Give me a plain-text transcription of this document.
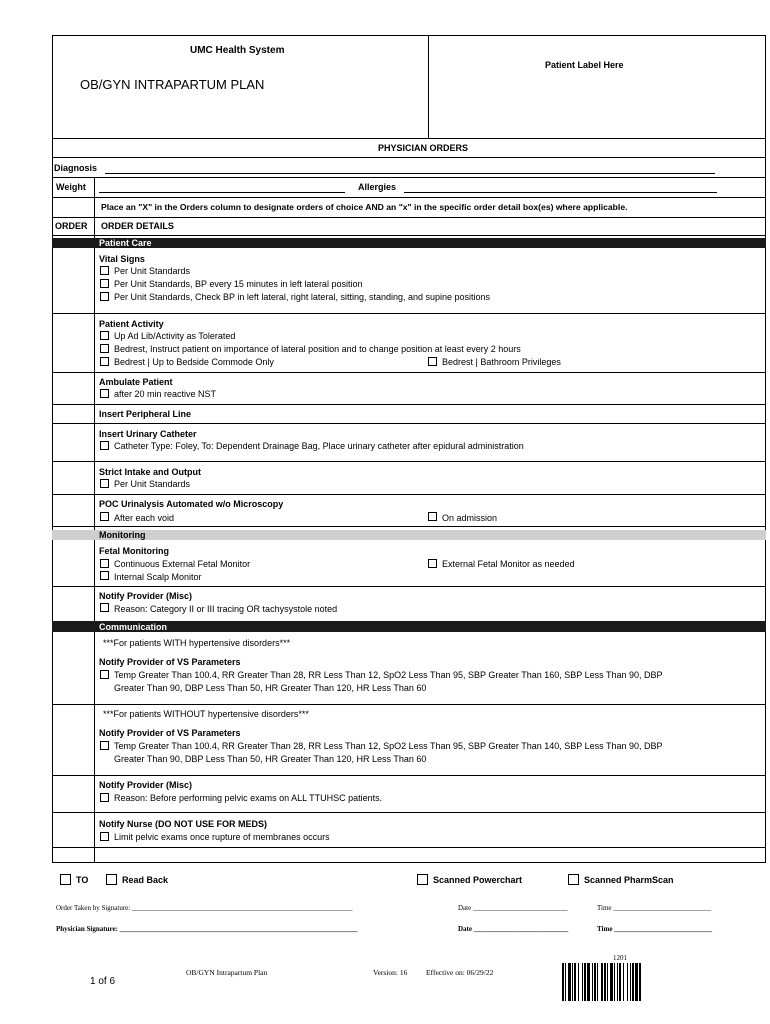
UMC Health System
OB/GYN INTRAPARTUM PLAN
Patient Label Here
PHYSICIAN ORDERS
Diagnosis
Weight	Allergies
Place an "X" in the Orders column to designate orders of choice AND an "x" in the specific order detail box(es) where applicable.
ORDER ORDER DETAILS
Patient Care
Vital Signs
Per Unit Standards
Per Unit Standards, BP every 15 minutes in left lateral position
Per Unit Standards, Check BP in left lateral, right lateral, sitting, standing, and supine positions
Patient Activity
Up Ad Lib/Activity as Tolerated
Bedrest, Instruct patient on importance of lateral position and to change position at least every 2 hours
Bedrest | Up to Bedside Commode Only	Bedrest | Bathroom Privileges
Ambulate Patient
after 20 min reactive NST
Insert Peripheral Line
Insert Urinary Catheter
Catheter Type: Foley, To: Dependent Drainage Bag, Place urinary catheter after epidural administration
Strict Intake and Output
Per Unit Standards
POC Urinalysis Automated w/o Microscopy
After each void	On admission
Monitoring
Fetal Monitoring
Continuous External Fetal Monitor	External Fetal Monitor as needed
Internal Scalp Monitor
Notify Provider (Misc)
Reason: Category II or III tracing OR tachysystole noted
Communication
***For patients WITH hypertensive disorders***
Notify Provider of VS Parameters
Temp Greater Than 100.4, RR Greater Than 28, RR Less Than 12, SpO2 Less Than 95, SBP Greater Than 160, SBP Less Than 90, DBP
Greater Than 90, DBP Less Than 50, HR Greater Than 120, HR Less Than 60
***For patients WITHOUT hypertensive disorders***
Notify Provider of VS Parameters
Temp Greater Than 100.4, RR Greater Than 28, RR Less Than 12, SpO2 Less Than 95, SBP Greater Than 140, SBP Less Than 90, DBP
Greater Than 90, DBP Less Than 50, HR Greater Than 120, HR Less Than 60
Notify Provider (Misc)
Reason: Before performing pelvic exams on ALL TTUHSC patients.
Notify Nurse (DO NOT USE FOR MEDS)
Limit pelvic exams once rupture of membranes occurs
TO	Read Back	Scanned Powerchart	Scanned PharmScan
Order Taken by Signature: _______________________________________________________________	Date ___________________________	Time ____________________________
Physician Signature: ____________________________________________________________________	Date ___________________________	Time ____________________________
1 of 6
OB/GYN Intrapartum Plan	Version: 16 Effective on: 06/29/22
1201
